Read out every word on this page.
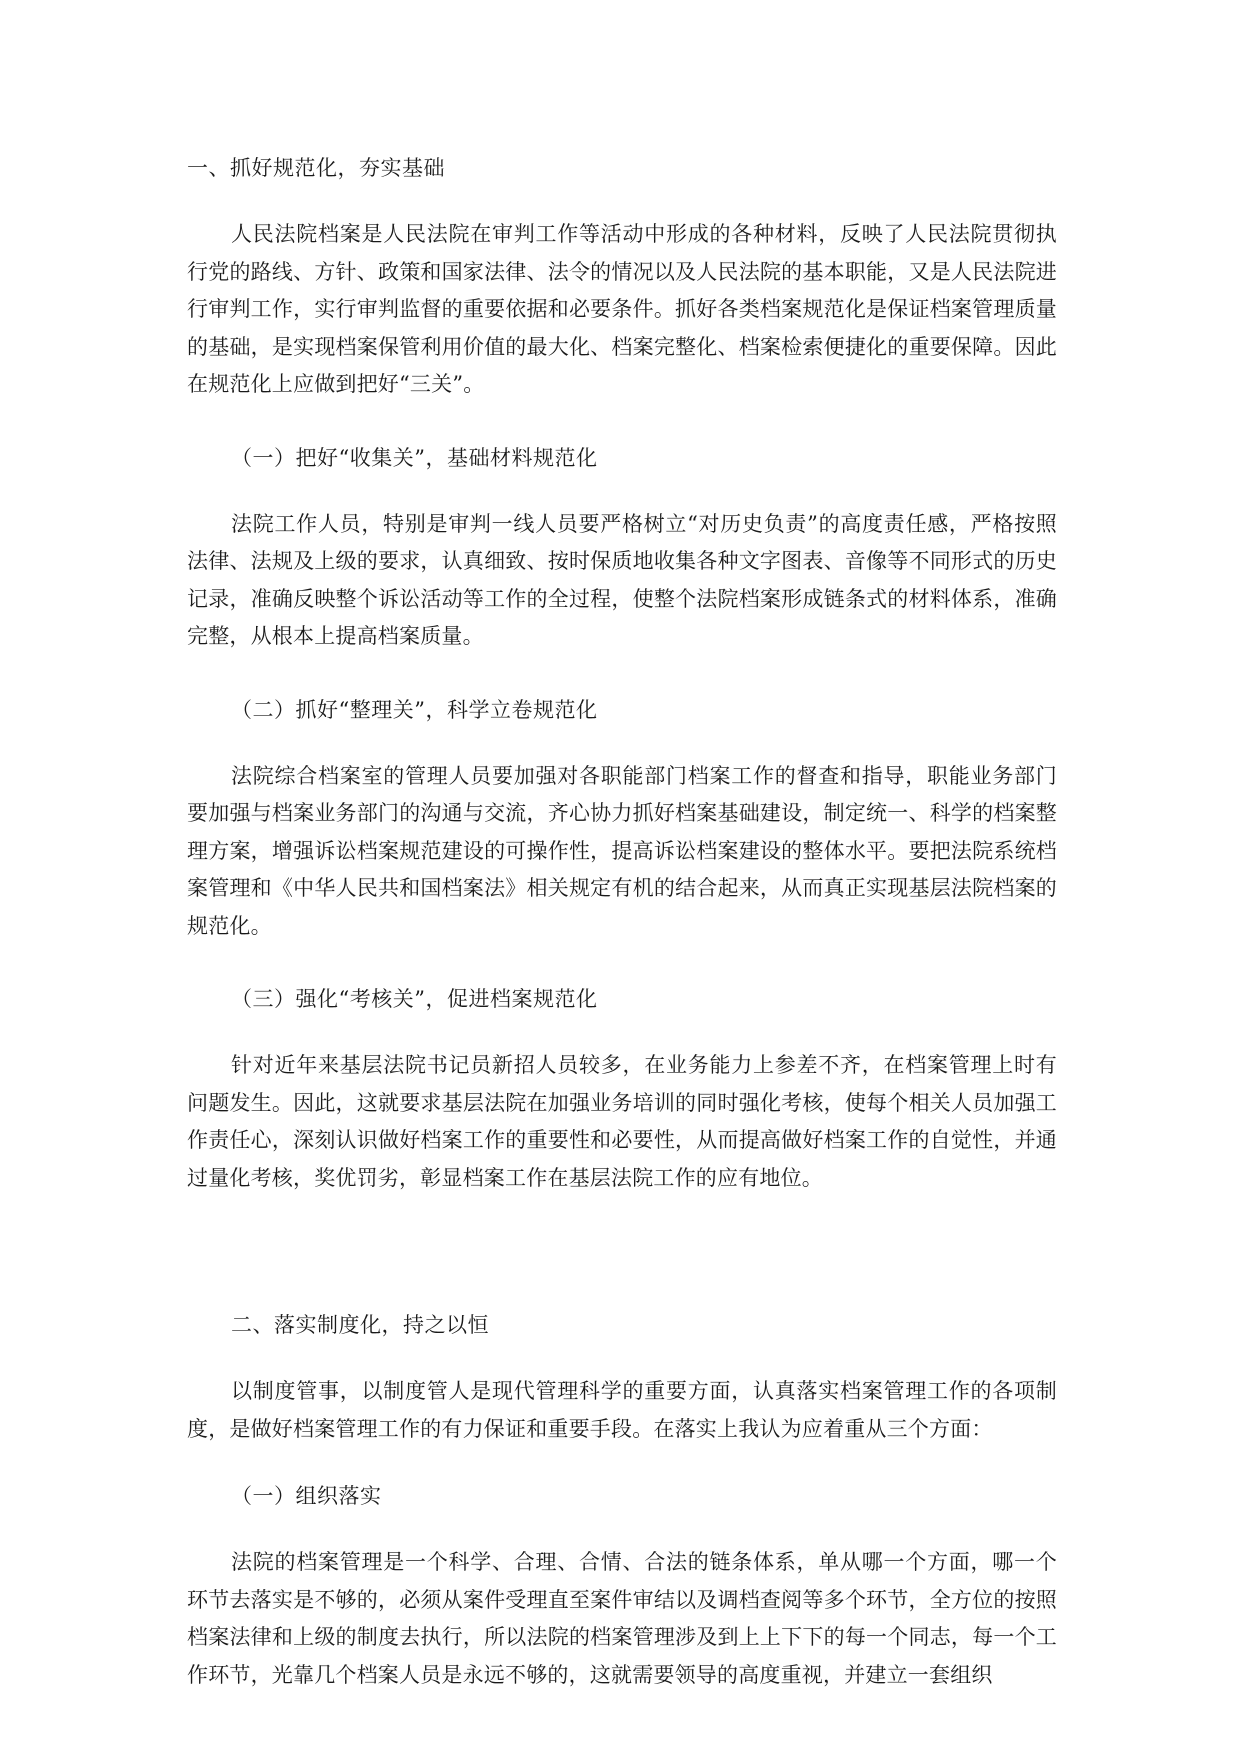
一、抓好规范化，夯实基础

人民法院档案是人民法院在审判工作等活动中形成的各种材料，反映了人民法院贯彻执行党的路线、方针、政策和国家法律、法令的情况以及人民法院的基本职能，又是人民法院进行审判工作，实行审判监督的重要依据和必要条件。抓好各类档案规范化是保证档案管理质量的基础，是实现档案保管利用价值的最大化、档案完整化、档案检索便捷化的重要保障。因此在规范化上应做到把好“三关”。

（一）把好“收集关”，基础材料规范化

法院工作人员，特别是审判一线人员要严格树立“对历史负责”的高度责任感，严格按照法律、法规及上级的要求，认真细致、按时保质地收集各种文字图表、音像等不同形式的历史记录，准确反映整个诉讼活动等工作的全过程，使整个法院档案形成链条式的材料体系，准确完整，从根本上提高档案质量。

（二）抓好“整理关”，科学立卷规范化

法院综合档案室的管理人员要加强对各职能部门档案工作的督查和指导，职能业务部门要加强与档案业务部门的沟通与交流，齐心协力抓好档案基础建设，制定统一、科学的档案整理方案，增强诉讼档案规范建设的可操作性，提高诉讼档案建设的整体水平。要把法院系统档案管理和《中华人民共和国档案法》相关规定有机的结合起来，从而真正实现基层法院档案的规范化。

（三）强化“考核关”，促进档案规范化

针对近年来基层法院书记员新招人员较多，在业务能力上参差不齐，在档案管理上时有问题发生。因此，这就要求基层法院在加强业务培训的同时强化考核，使每个相关人员加强工作责任心，深刻认识做好档案工作的重要性和必要性，从而提高做好档案工作的自觉性，并通过量化考核，奖优罚劣，彰显档案工作在基层法院工作的应有地位。

二、落实制度化，持之以恒

以制度管事，以制度管人是现代管理科学的重要方面，认真落实档案管理工作的各项制度，是做好档案管理工作的有力保证和重要手段。在落实上我认为应着重从三个方面：

（一）组织落实

法院的档案管理是一个科学、合理、合情、合法的链条体系，单从哪一个方面，哪一个环节去落实是不够的，必须从案件受理直至案件审结以及调档查阅等多个环节，全方位的按照档案法律和上级的制度去执行，所以法院的档案管理涉及到上上下下的每一个同志，每一个工作环节，光靠几个档案人员是永远不够的，这就需要领导的高度重视，并建立一套组织
